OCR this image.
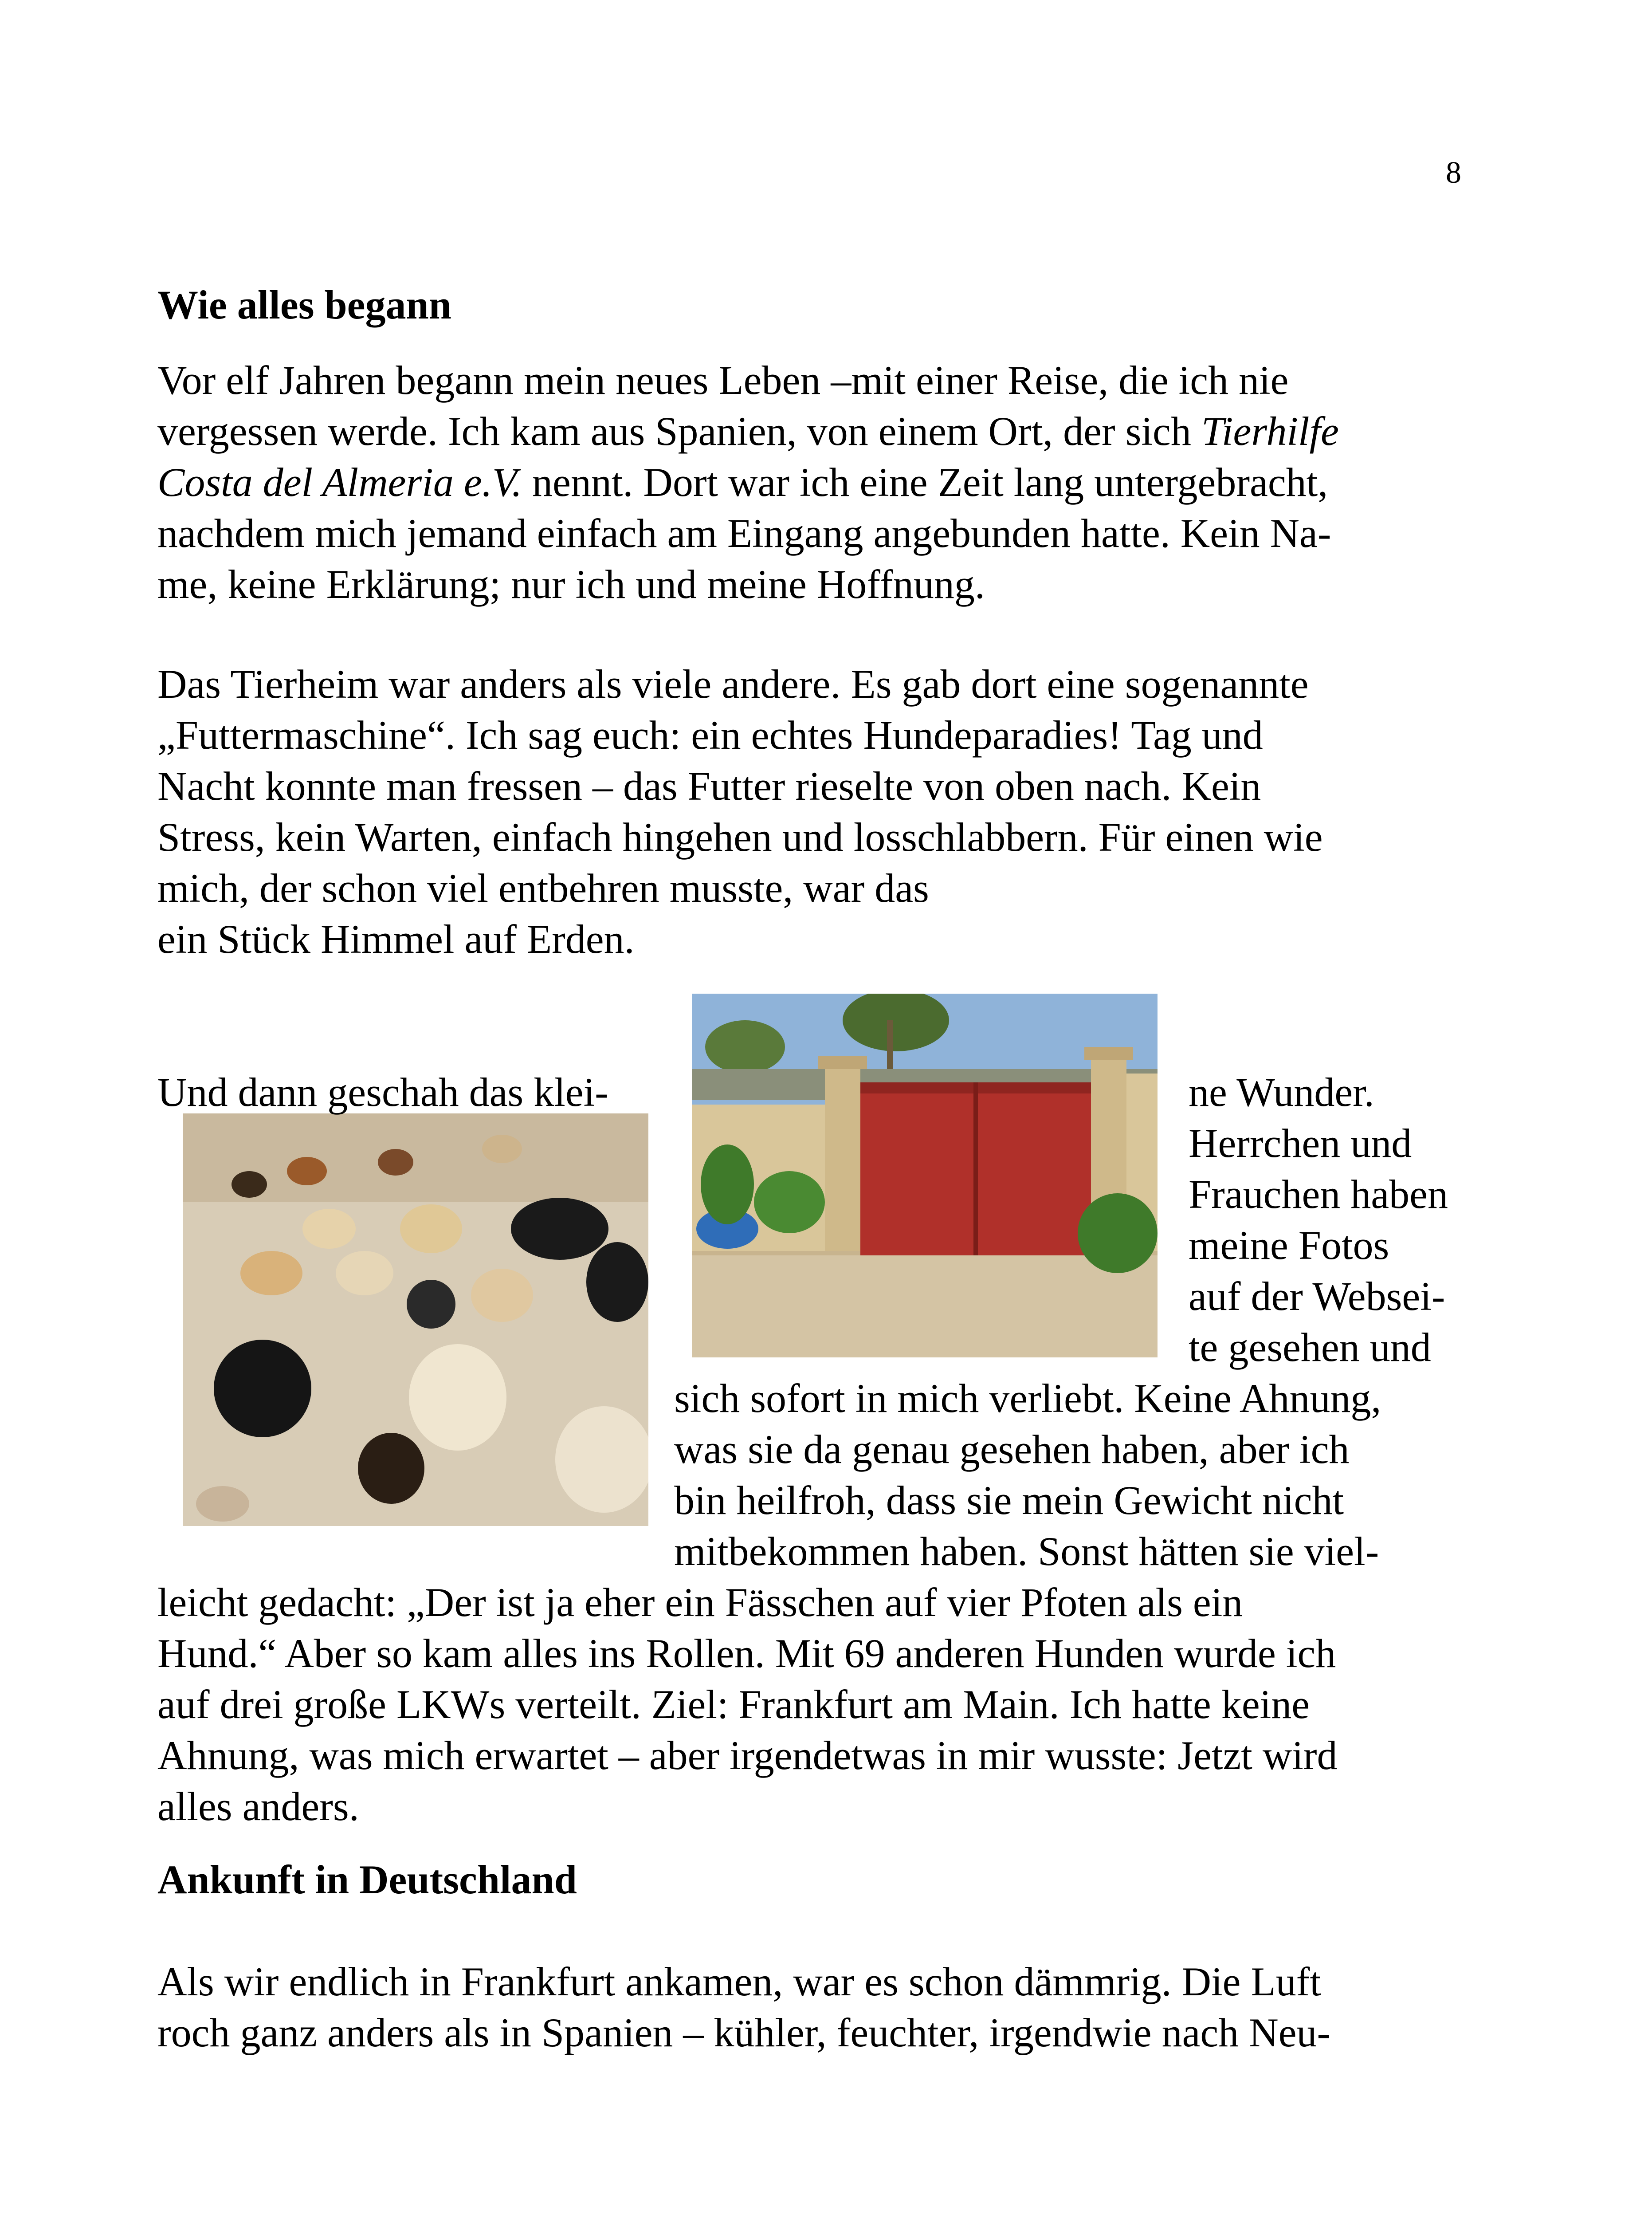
8
Wie alles begann
Vor elf Jahren begann mein neues Leben –mit einer Reise, die ich nie
vergessen werde. Ich kam aus Spanien, von einem Ort, der sich Tierhilfe
Costa del Almeria e.V. nennt. Dort war ich eine Zeit lang untergebracht,
nachdem mich jemand einfach am Eingang angebunden hatte. Kein Na-
me, keine Erklärung; nur ich und meine Hoffnung.
Das Tierheim war anders als viele andere. Es gab dort eine sogenannte
„Futtermaschine“. Ich sag euch: ein echtes Hundeparadies! Tag und
Nacht konnte man fressen – das Futter rieselte von oben nach. Kein
Stress, kein Warten, einfach hingehen und losschlabbern. Für einen wie
mich, der schon viel entbehren musste, war das
ein Stück Himmel auf Erden.
Und dann geschah das klei-	ne Wunder.
Herrchen und
Frauchen haben
meine Fotos
auf der Websei-
te gesehen und
sich sofort in mich verliebt. Keine Ahnung,
was sie da genau gesehen haben, aber ich
bin heilfroh, dass sie mein Gewicht nicht
mitbekommen haben. Sonst hätten sie viel-
leicht gedacht: „Der ist ja eher ein Fässchen auf vier Pfoten als ein
Hund.“ Aber so kam alles ins Rollen. Mit 69 anderen Hunden wurde ich
auf drei große LKWs verteilt. Ziel: Frankfurt am Main. Ich hatte keine
Ahnung, was mich erwartet – aber irgendetwas in mir wusste: Jetzt wird
alles anders.
Ankunft in Deutschland
Als wir endlich in Frankfurt ankamen, war es schon dämmrig. Die Luft
roch ganz anders als in Spanien – kühler, feuchter, irgendwie nach Neu-
